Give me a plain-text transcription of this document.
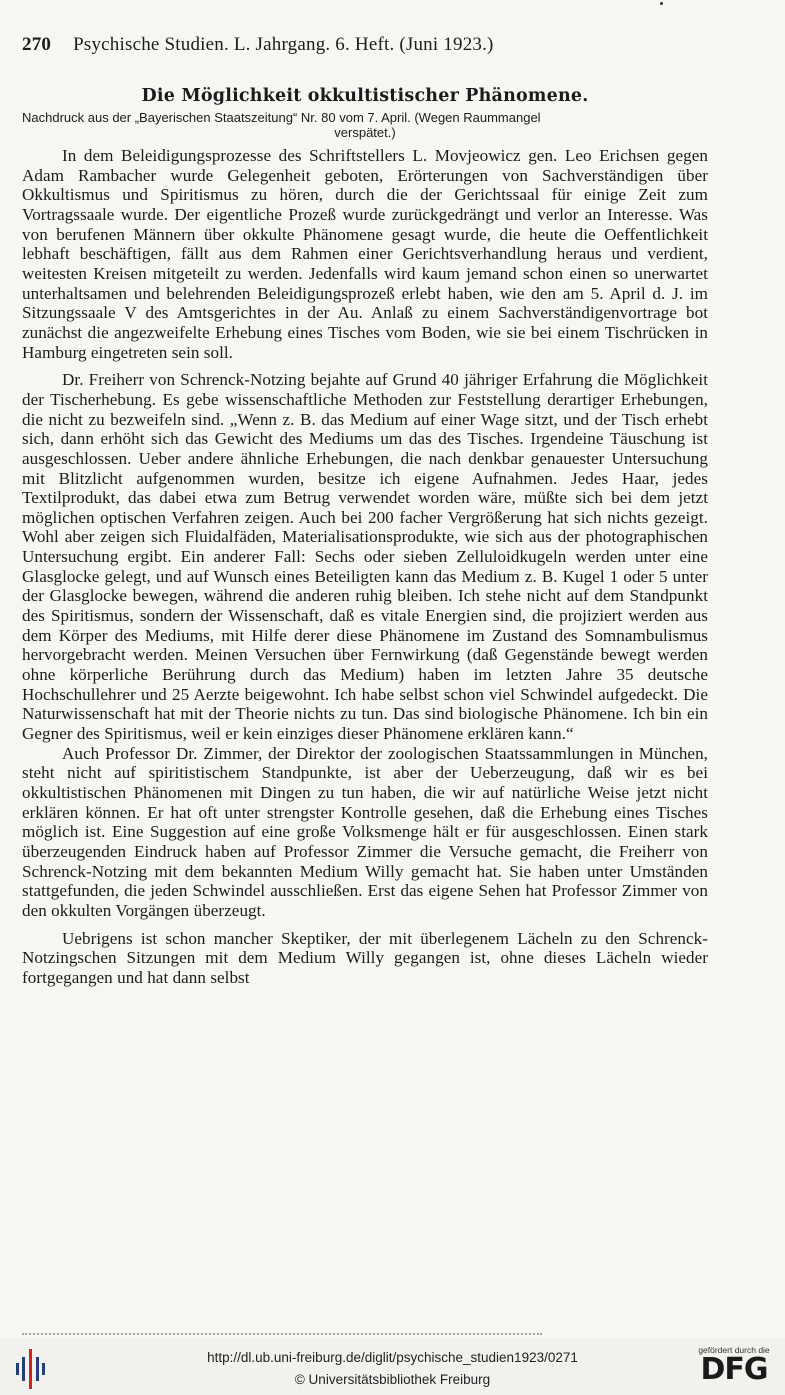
270 Psychische Studien. L. Jahrgang. 6. Heft. (Juni 1923.)
Die Möglichkeit okkultistischer Phänomene.
Nachdruck aus der „Bayerischen Staatszeitung“ Nr. 80 vom 7. April. (Wegen Raummangel
verspätet.)

In dem Beleidigungsprozesse des Schriftstellers L. Movjeowicz gen. Leo Erichsen gegen Adam Rambacher wurde Gelegenheit geboten, Erörterungen von Sachverständigen über Okkultismus und Spiritismus zu hören, durch die der Gerichtssaal für einige Zeit zum Vortragssaale wurde. Der eigentliche Prozeß wurde zurückgedrängt und verlor an Interesse. Was von berufenen Männern über okkulte Phänomene gesagt wurde, die heute die Oeffentlichkeit lebhaft beschäftigen, fällt aus dem Rahmen einer Gerichtsverhandlung heraus und verdient, weitesten Kreisen mitgeteilt zu werden. Jedenfalls wird kaum jemand schon einen so unerwartet unterhaltsamen und belehrenden Beleidigungsprozeß erlebt haben, wie den am 5. April d. J. im Sitzungssaale V des Amtsgerichtes in der Au. Anlaß zu einem Sachverständigenvortrage bot zunächst die angezweifelte Erhebung eines Tisches vom Boden, wie sie bei einem Tischrücken in Hamburg eingetreten sein soll.

Dr. Freiherr von Schrenck-Notzing bejahte auf Grund 40 jähriger Erfahrung die Möglichkeit der Tischerhebung. Es gebe wissenschaftliche Methoden zur Feststellung derartiger Erhebungen, die nicht zu bezweifeln sind. „Wenn z. B. das Medium auf einer Wage sitzt, und der Tisch erhebt sich, dann erhöht sich das Gewicht des Mediums um das des Tisches. Irgendeine Täuschung ist ausgeschlossen. Ueber andere ähnliche Erhebungen, die nach denkbar genauester Untersuchung mit Blitzlicht aufgenommen wurden, besitze ich eigene Aufnahmen. Jedes Haar, jedes Textilprodukt, das dabei etwa zum Betrug verwendet worden wäre, müßte sich bei dem jetzt möglichen optischen Verfahren zeigen. Auch bei 200 facher Vergrößerung hat sich nichts gezeigt. Wohl aber zeigen sich Fluidalfäden, Materialisationsprodukte, wie sich aus der photographischen Untersuchung ergibt. Ein anderer Fall: Sechs oder sieben Zelluloidkugeln werden unter eine Glasglocke gelegt, und auf Wunsch eines Beteiligten kann das Medium z. B. Kugel 1 oder 5 unter der Glasglocke bewegen, während die anderen ruhig bleiben. Ich stehe nicht auf dem Standpunkt des Spiritismus, sondern der Wissenschaft, daß es vitale Energien sind, die projiziert werden aus dem Körper des Mediums, mit Hilfe derer diese Phänomene im Zustand des Somnambulismus hervorgebracht werden. Meinen Versuchen über Fernwirkung (daß Gegenstände bewegt werden ohne körperliche Berührung durch das Medium) haben im letzten Jahre 35 deutsche Hochschullehrer und 25 Aerzte beigewohnt. Ich habe selbst schon viel Schwindel aufgedeckt. Die Naturwissenschaft hat mit der Theorie nichts zu tun. Das sind biologische Phänomene. Ich bin ein Gegner des Spiritismus, weil er kein einziges dieser Phänomene erklären kann.“

Auch Professor Dr. Zimmer, der Direktor der zoologischen Staatssammlungen in München, steht nicht auf spiritistischem Standpunkte, ist aber der Ueberzeugung, daß wir es bei okkultistischen Phänomenen mit Dingen zu tun haben, die wir auf natürliche Weise jetzt nicht erklären können. Er hat oft unter strengster Kontrolle gesehen, daß die Erhebung eines Tisches möglich ist. Eine Suggestion auf eine große Volksmenge hält er für ausgeschlossen. Einen stark überzeugenden Eindruck haben auf Professor Zimmer die Versuche gemacht, die Freiherr von Schrenck-Notzing mit dem bekannten Medium Willy gemacht hat. Sie haben unter Umständen stattgefunden, die jeden Schwindel ausschließen. Erst das eigene Sehen hat Professor Zimmer von den okkulten Vorgängen überzeugt.

Uebrigens ist schon mancher Skeptiker, der mit überlegenem Lächeln zu den Schrenck-Notzingschen Sitzungen mit dem Medium Willy gegangen ist, ohne dieses Lächeln wieder fortgegangen und hat dann selbst

http://dl.ub.uni-freiburg.de/diglit/psychische_studien1923/0271
© Universitätsbibliothek Freiburg
gefördert durch die
DFG
